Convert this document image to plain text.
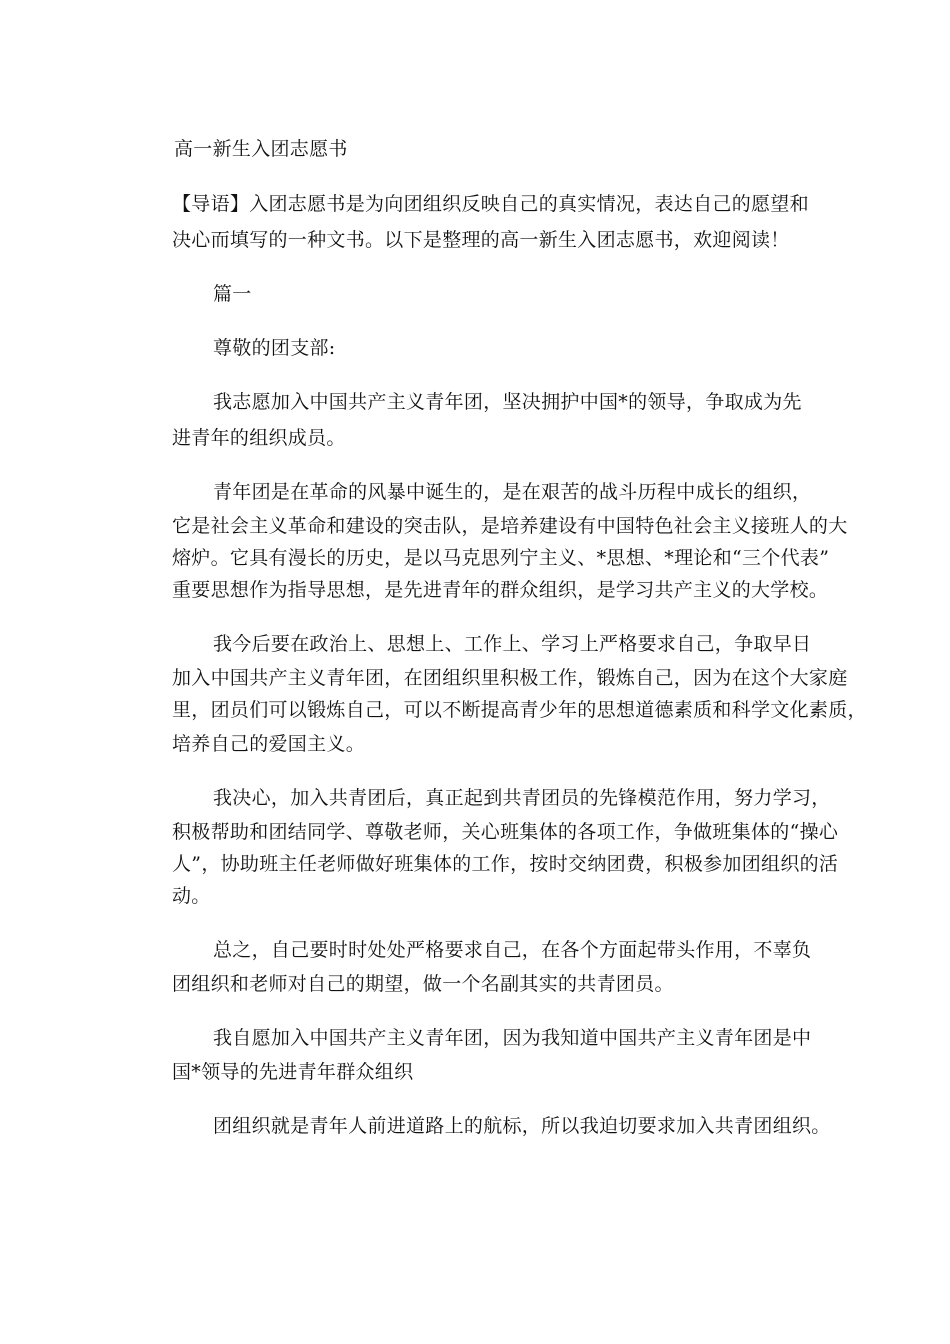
高一新生入团志愿书
【导语】入团志愿书是为向团组织反映自己的真实情况，表达自己的愿望和
决心而填写的一种文书。以下是整理的高一新生入团志愿书，欢迎阅读！
篇一
尊敬的团支部:
我志愿加入中国共产主义青年团，坚决拥护中国*的领导，争取成为先
进青年的组织成员。
青年团是在革命的风暴中诞生的，是在艰苦的战斗历程中成长的组织，
它是社会主义革命和建设的突击队，是培养建设有中国特色社会主义接班人的大
熔炉。它具有漫长的历史，是以马克思列宁主义、*思想、*理论和“三个代表”
重要思想作为指导思想，是先进青年的群众组织，是学习共产主义的大学校。
我今后要在政治上、思想上、工作上、学习上严格要求自己，争取早日
加入中国共产主义青年团，在团组织里积极工作，锻炼自己，因为在这个大家庭
里，团员们可以锻炼自己，可以不断提高青少年的思想道德素质和科学文化素质，
培养自己的爱国主义。
我决心，加入共青团后，真正起到共青团员的先锋模范作用，努力学习，
积极帮助和团结同学、尊敬老师，关心班集体的各项工作，争做班集体的“操心
人”，协助班主任老师做好班集体的工作，按时交纳团费，积极参加团组织的活
动。
总之，自己要时时处处严格要求自己，在各个方面起带头作用，不辜负
团组织和老师对自己的期望，做一个名副其实的共青团员。
我自愿加入中国共产主义青年团，因为我知道中国共产主义青年团是中
国*领导的先进青年群众组织
团组织就是青年人前进道路上的航标，所以我迫切要求加入共青团组织。
